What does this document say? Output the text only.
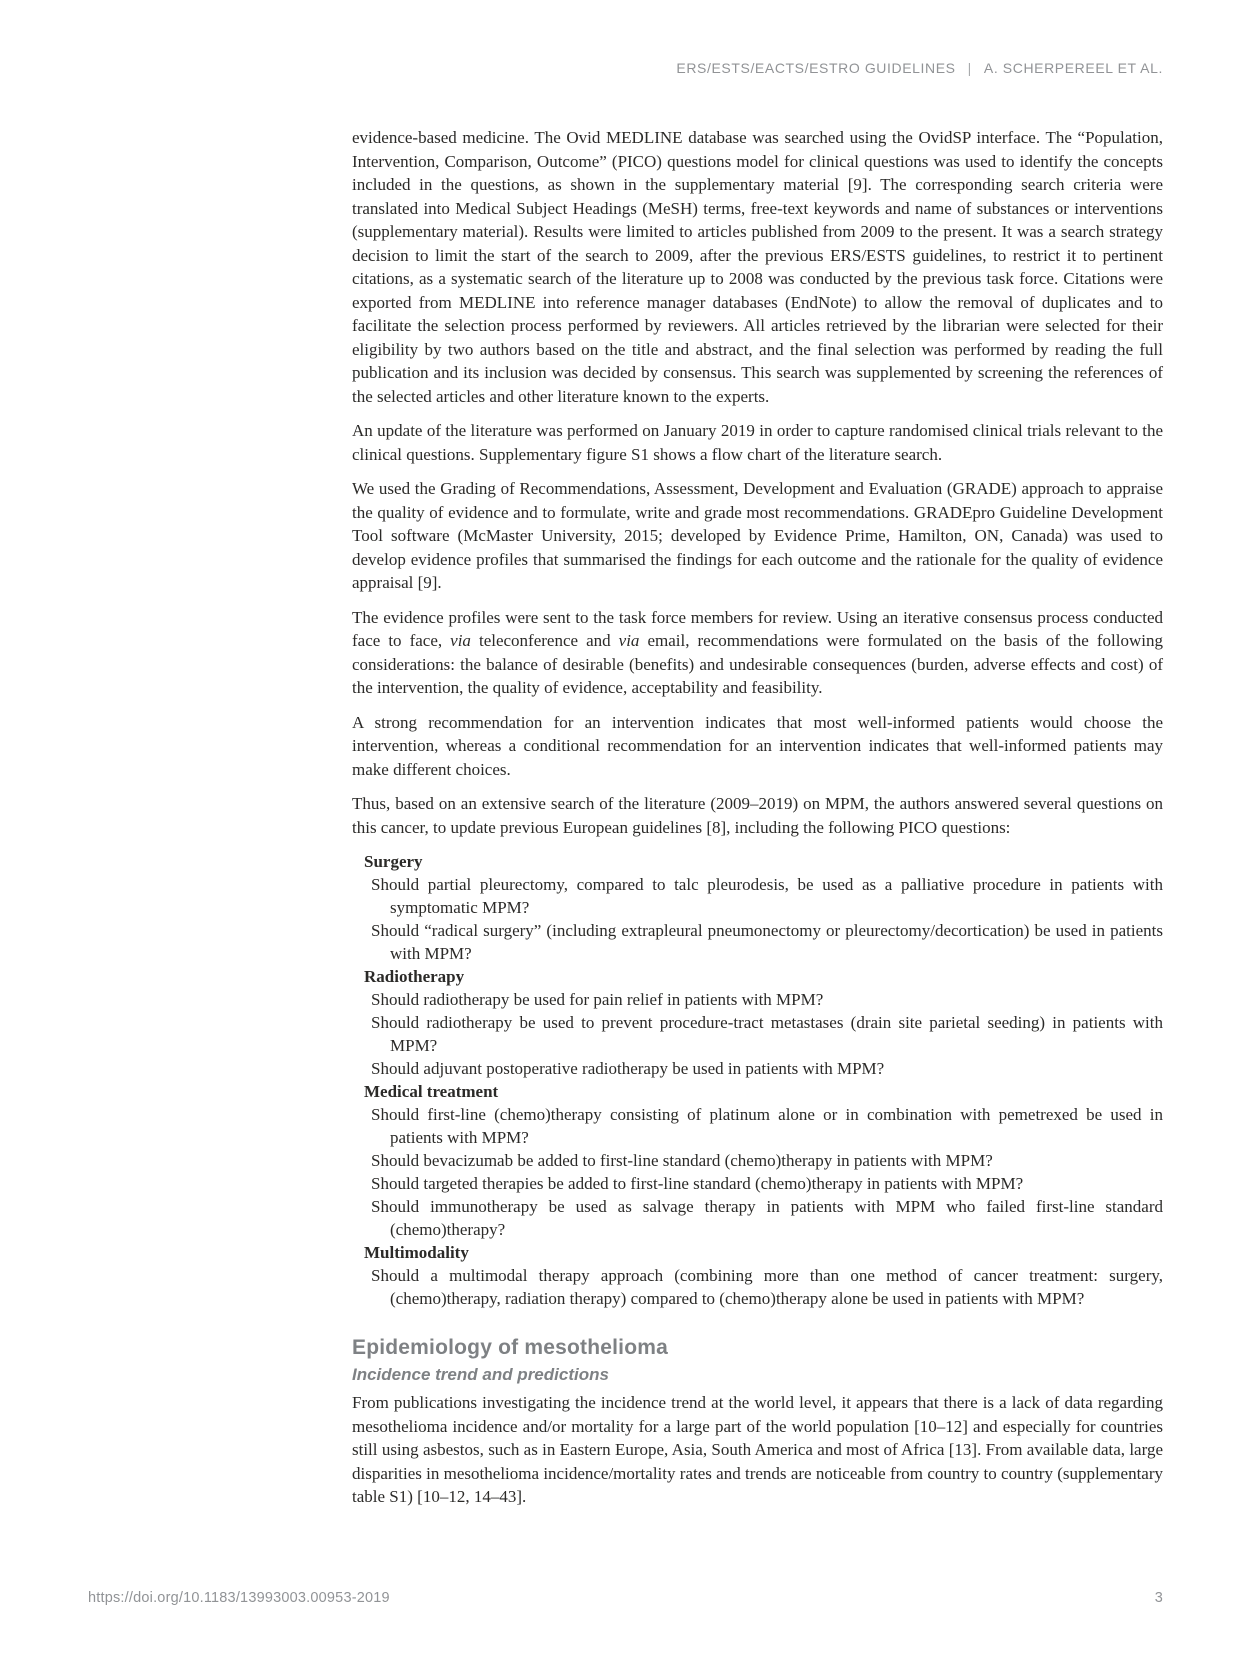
ERS/ESTS/EACTS/ESTRO GUIDELINES | A. SCHERPEREEL ET AL.

evidence-based medicine. The Ovid MEDLINE database was searched using the OvidSP interface. The “Population, Intervention, Comparison, Outcome” (PICO) questions model for clinical questions was used to identify the concepts included in the questions, as shown in the supplementary material [9]. The corresponding search criteria were translated into Medical Subject Headings (MeSH) terms, free-text keywords and name of substances or interventions (supplementary material). Results were limited to articles published from 2009 to the present. It was a search strategy decision to limit the start of the search to 2009, after the previous ERS/ESTS guidelines, to restrict it to pertinent citations, as a systematic search of the literature up to 2008 was conducted by the previous task force. Citations were exported from MEDLINE into reference manager databases (EndNote) to allow the removal of duplicates and to facilitate the selection process performed by reviewers. All articles retrieved by the librarian were selected for their eligibility by two authors based on the title and abstract, and the final selection was performed by reading the full publication and its inclusion was decided by consensus. This search was supplemented by screening the references of the selected articles and other literature known to the experts.

An update of the literature was performed on January 2019 in order to capture randomised clinical trials relevant to the clinical questions. Supplementary figure S1 shows a flow chart of the literature search.

We used the Grading of Recommendations, Assessment, Development and Evaluation (GRADE) approach to appraise the quality of evidence and to formulate, write and grade most recommendations. GRADEpro Guideline Development Tool software (McMaster University, 2015; developed by Evidence Prime, Hamilton, ON, Canada) was used to develop evidence profiles that summarised the findings for each outcome and the rationale for the quality of evidence appraisal [9].

The evidence profiles were sent to the task force members for review. Using an iterative consensus process conducted face to face, via teleconference and via email, recommendations were formulated on the basis of the following considerations: the balance of desirable (benefits) and undesirable consequences (burden, adverse effects and cost) of the intervention, the quality of evidence, acceptability and feasibility.

A strong recommendation for an intervention indicates that most well-informed patients would choose the intervention, whereas a conditional recommendation for an intervention indicates that well-informed patients may make different choices.

Thus, based on an extensive search of the literature (2009–2019) on MPM, the authors answered several questions on this cancer, to update previous European guidelines [8], including the following PICO questions:

Surgery
Should partial pleurectomy, compared to talc pleurodesis, be used as a palliative procedure in patients with symptomatic MPM?
Should “radical surgery” (including extrapleural pneumonectomy or pleurectomy/decortication) be used in patients with MPM?
Radiotherapy
Should radiotherapy be used for pain relief in patients with MPM?
Should radiotherapy be used to prevent procedure-tract metastases (drain site parietal seeding) in patients with MPM?
Should adjuvant postoperative radiotherapy be used in patients with MPM?
Medical treatment
Should first-line (chemo)therapy consisting of platinum alone or in combination with pemetrexed be used in patients with MPM?
Should bevacizumab be added to first-line standard (chemo)therapy in patients with MPM?
Should targeted therapies be added to first-line standard (chemo)therapy in patients with MPM?
Should immunotherapy be used as salvage therapy in patients with MPM who failed first-line standard (chemo)therapy?
Multimodality
Should a multimodal therapy approach (combining more than one method of cancer treatment: surgery, (chemo)therapy, radiation therapy) compared to (chemo)therapy alone be used in patients with MPM?
Epidemiology of mesothelioma
Incidence trend and predictions

From publications investigating the incidence trend at the world level, it appears that there is a lack of data regarding mesothelioma incidence and/or mortality for a large part of the world population [10–12] and especially for countries still using asbestos, such as in Eastern Europe, Asia, South America and most of Africa [13]. From available data, large disparities in mesothelioma incidence/mortality rates and trends are noticeable from country to country (supplementary table S1) [10–12, 14–43].

https://doi.org/10.1183/13993003.00953-2019	3
